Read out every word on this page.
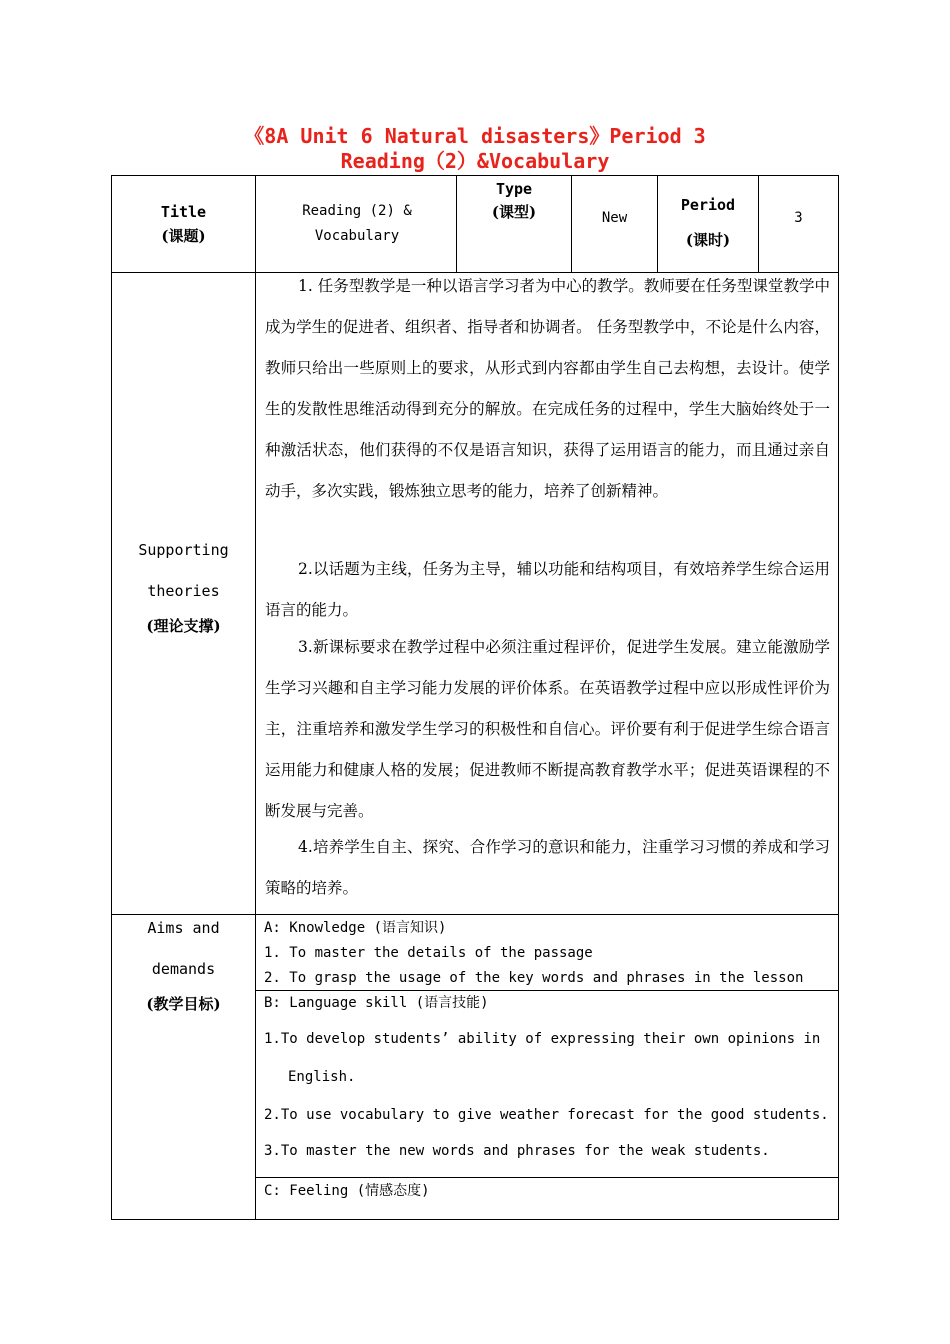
《8A Unit 6 Natural disasters》Period 3
Reading（2）&Vocabulary
Title
(课题)
Reading (2) & Vocabulary
Type
(课型)	New
Period
(课时)
3
Supporting
theories
(理论支撑)
1. 任务型教学是一种以语言学习者为中心的教学。教师要在任务型课堂教学中成为学生的促进者、组织者、指导者和协调者。 任务型教学中，不论是什么内容，教师只给出一些原则上的要求，从形式到内容都由学生自己去构想，去设计。使学生的发散性思维活动得到充分的解放。在完成任务的过程中，学生大脑始终处于一种激活状态，他们获得的不仅是语言知识，获得了运用语言的能力，而且通过亲自动手，多次实践，锻炼独立思考的能力，培养了创新精神。
2.以话题为主线，任务为主导，辅以功能和结构项目，有效培养学生综合运用语言的能力。
3.新课标要求在教学过程中必须注重过程评价，促进学生发展。建立能激励学生学习兴趣和自主学习能力发展的评价体系。在英语教学过程中应以形成性评价为主，注重培养和激发学生学习的积极性和自信心。评价要有利于促进学生综合语言运用能力和健康人格的发展；促进教师不断提高教育教学水平；促进英语课程的不断发展与完善。
4.培养学生自主、探究、合作学习的意识和能力，注重学习习惯的养成和学习策略的培养。
Aims and
demands
(教学目标)
A: Knowledge (语言知识)
1. To master the details of the passage
2. To grasp the usage of the key words and phrases in the lesson
B: Language skill (语言技能)
1.To develop students’ ability of expressing their own opinions in
English.
2.To use vocabulary to give weather forecast for the good students.
3.To master the new words and phrases for the weak students.
C: Feeling (情感态度)
